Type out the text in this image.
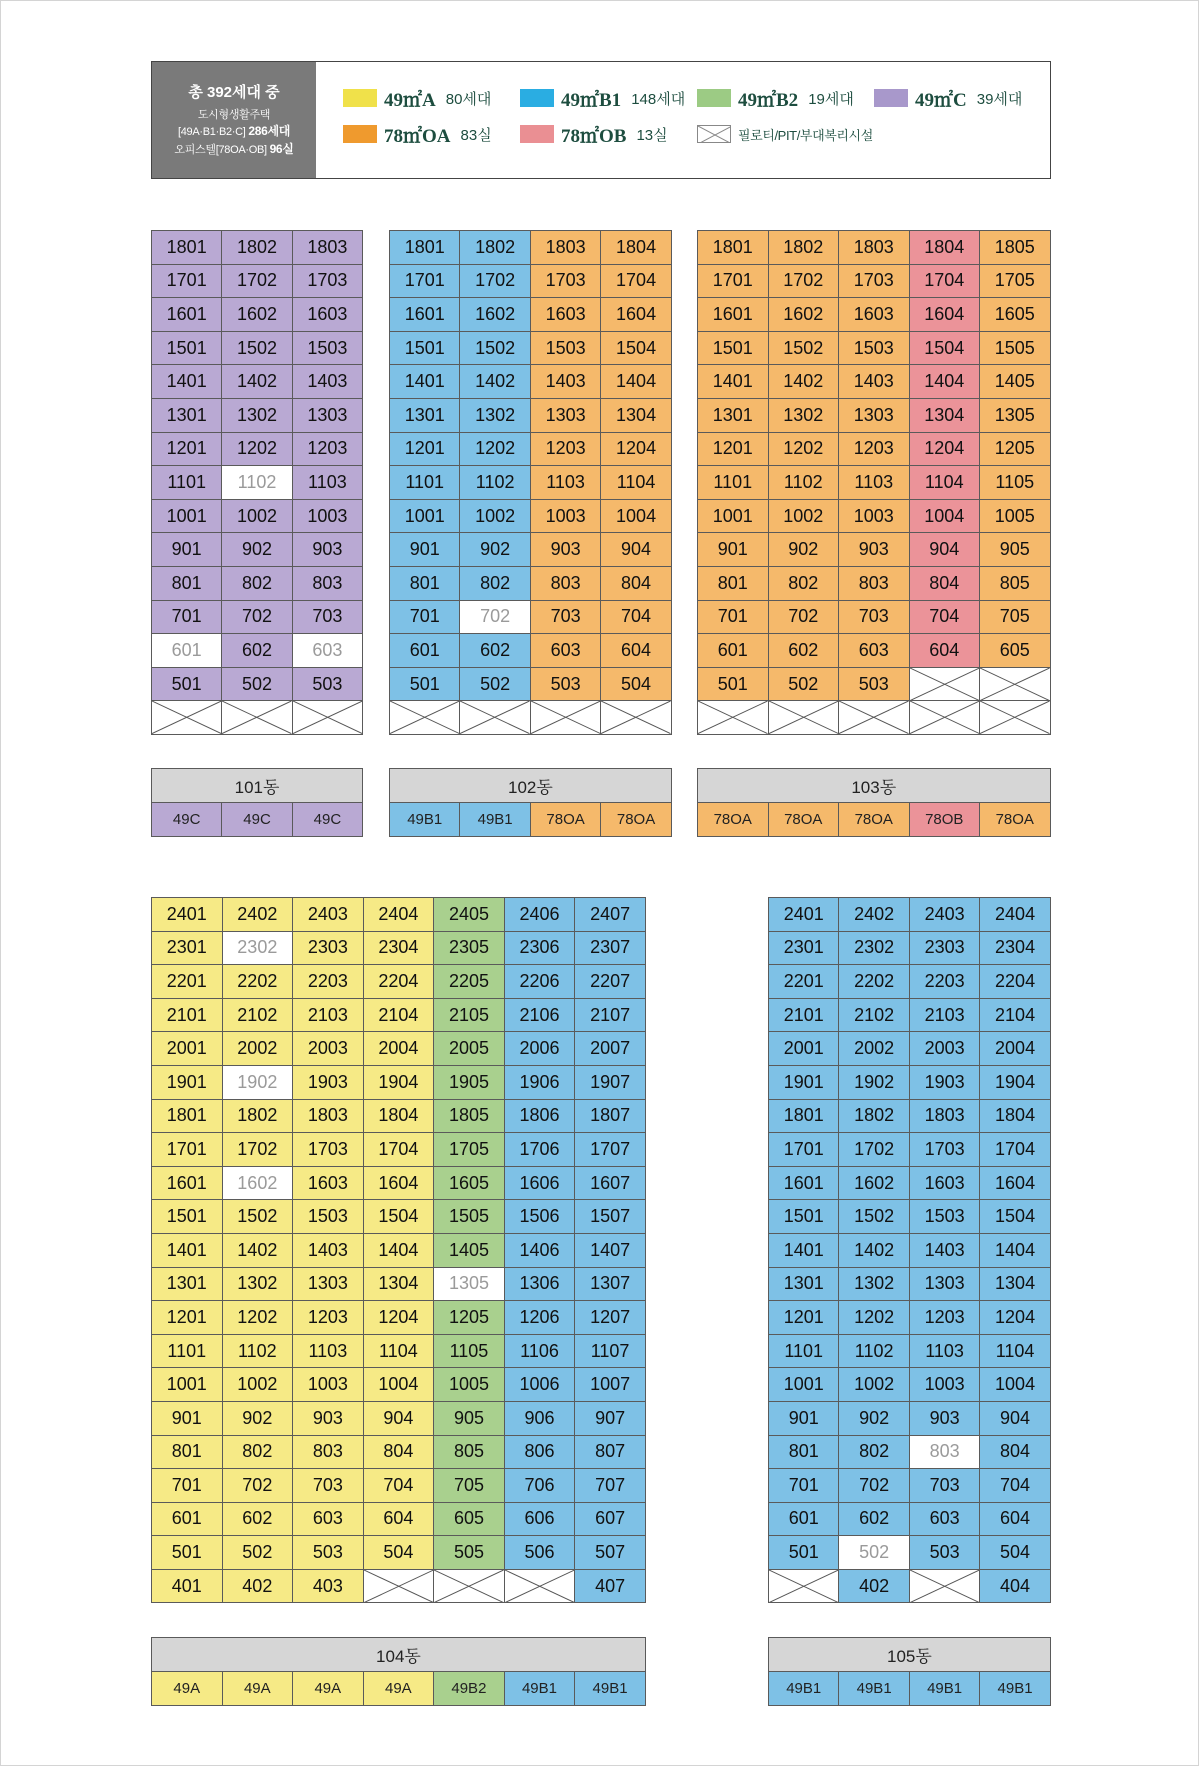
총 392세대 중
도시형생활주택
[49A·B1·B2·C] 286세대
오피스텔[78OA·OB] 96실
49㎡A 80세대	49㎡B1 148세대	49㎡B2 19세대	49㎡C 39세대
78㎡OA 83실	78㎡OB 13실	필로티/PIT/부대복리시설
1801	1802	1803
1701	1702	1703
1601	1602	1603
1501	1502	1503
1401	1402	1403
1301	1302	1303
1201	1202	1203
1101	1102	1103
1001	1002	1003
901	902	903
801	802	803
701	702	703
601	602	603
501	502	503

101동
49C	49C	49C
1801	1802	1803	1804
1701	1702	1703	1704
1601	1602	1603	1604
1501	1502	1503	1504
1401	1402	1403	1404
1301	1302	1303	1304
1201	1202	1203	1204
1101	1102	1103	1104
1001	1002	1003	1004
901	902	903	904
801	802	803	804
701	702	703	704
601	602	603	604
501	502	503	504

102동
49B1	49B1	78OA	78OA
1801	1802	1803	1804	1805
1701	1702	1703	1704	1705
1601	1602	1603	1604	1605
1501	1502	1503	1504	1505
1401	1402	1403	1404	1405
1301	1302	1303	1304	1305
1201	1202	1203	1204	1205
1101	1102	1103	1104	1105
1001	1002	1003	1004	1005
901	902	903	904	905
801	802	803	804	805
701	702	703	704	705
601	602	603	604	605
501	502	503	

103동
78OA	78OA	78OA	78OB	78OA
2401	2402	2403	2404	2405	2406	2407
2301	2302	2303	2304	2305	2306	2307
2201	2202	2203	2204	2205	2206	2207
2101	2102	2103	2104	2105	2106	2107
2001	2002	2003	2004	2005	2006	2007
1901	1902	1903	1904	1905	1906	1907
1801	1802	1803	1804	1805	1806	1807
1701	1702	1703	1704	1705	1706	1707
1601	1602	1603	1604	1605	1606	1607
1501	1502	1503	1504	1505	1506	1507
1401	1402	1403	1404	1405	1406	1407
1301	1302	1303	1304	1305	1306	1307
1201	1202	1203	1204	1205	1206	1207
1101	1102	1103	1104	1105	1106	1107
1001	1002	1003	1004	1005	1006	1007
901	902	903	904	905	906	907
801	802	803	804	805	806	807
701	702	703	704	705	706	707
601	602	603	604	605	606	607
501	502	503	504	505	506	507
401	402	403				407
104동
49A	49A	49A	49A	49B2	49B1	49B1
2401	2402	2403	2404
2301	2302	2303	2304
2201	2202	2203	2204
2101	2102	2103	2104
2001	2002	2003	2004
1901	1902	1903	1904
1801	1802	1803	1804
1701	1702	1703	1704
1601	1602	1603	1604
1501	1502	1503	1504
1401	1402	1403	1404
1301	1302	1303	1304
1201	1202	1203	1204
1101	1102	1103	1104
1001	1002	1003	1004
901	902	903	904
801	802	803	804
701	702	703	704
601	602	603	604
501	502	503	504

	402		404
105동
49B1	49B1	49B1	49B1
